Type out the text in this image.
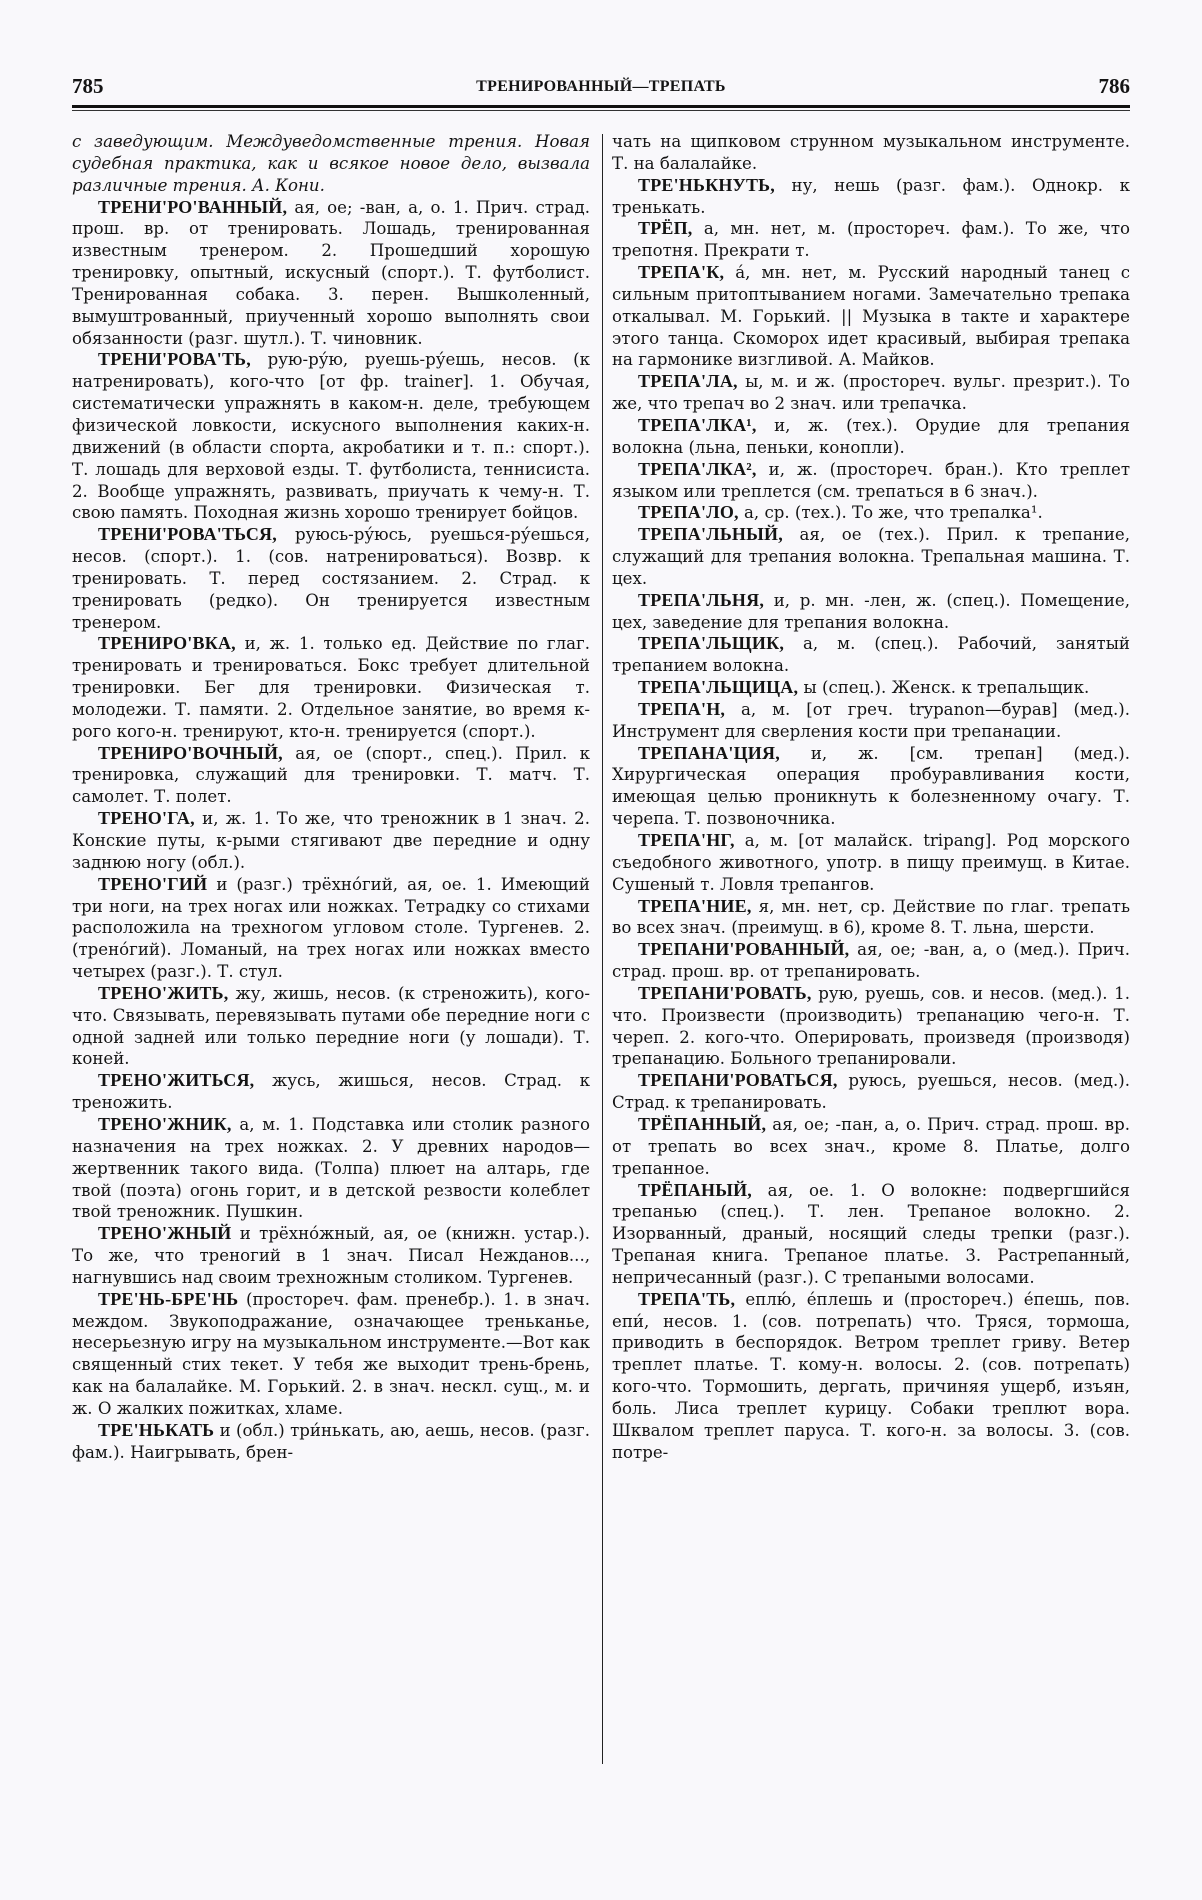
785	ТРЕНИРОВАННЫЙ—ТРЕПАТЬ	786

с заведующим. Междуведомственные трения. Новая судебная практика, как и всякое новое дело, вызвала различные трения. А. Кони.

ТРЕНИ'РО'ВАННЫЙ, ая, ое; -ван, а, о. 1. Прич. страд. прош. вр. от тренировать. Лошадь, тренированная известным тренером. 2. Прошедший хорошую тренировку, опытный, искусный (спорт.). Т. футболист. Тренированная собака. 3. перен. Вышколенный, вымуштрованный, приученный хорошо выполнять свои обязанности (разг. шутл.). Т. чиновник.

ТРЕНИ'РОВА'ТЬ, рую-ру́ю, руешь-ру́ешь, несов. (к натренировать), кого-что [от фр. trainer]. 1. Обучая, систематически упражнять в каком-н. деле, требующем физической ловкости, искусного выполнения каких-н. движений (в области спорта, акробатики и т. п.: спорт.). Т. лошадь для верховой езды. Т. футболиста, теннисиста. 2. Вообще упражнять, развивать, приучать к чему-н. Т. свою память. Походная жизнь хорошо тренирует бойцов.

ТРЕНИ'РОВА'ТЬСЯ, руюсь-ру́юсь, руешься-ру́ешься, несов. (спорт.). 1. (сов. натренироваться). Возвр. к тренировать. Т. перед состязанием. 2. Страд. к тренировать (редко). Он тренируется известным тренером.

ТРЕНИРО'ВКА, и, ж. 1. только ед. Действие по глаг. тренировать и тренироваться. Бокс требует длительной тренировки. Бег для тренировки. Физическая т. молодежи. Т. памяти. 2. Отдельное занятие, во время к-рого кого-н. тренируют, кто-н. тренируется (спорт.).

ТРЕНИРО'ВОЧНЫЙ, ая, ое (спорт., спец.). Прил. к тренировка, служащий для тренировки. Т. матч. Т. самолет. Т. полет.

ТРЕНО'ГА, и, ж. 1. То же, что треножник в 1 знач. 2. Конские путы, к-рыми стягивают две передние и одну заднюю ногу (обл.).

ТРЕНО'ГИЙ и (разг.) трёхно́гий, ая, ое. 1. Имеющий три ноги, на трех ногах или ножках. Тетрадку со стихами расположила на трехногом угловом столе. Тургенев. 2. (трено́гий). Ломаный, на трех ногах или ножках вместо четырех (разг.). Т. стул.

ТРЕНО'ЖИТЬ, жу, жишь, несов. (к стреножить), кого-что. Связывать, перевязывать путами обе передние ноги с одной задней или только передние ноги (у лошади). Т. коней.

ТРЕНО'ЖИТЬСЯ, жусь, жишься, несов. Страд. к треножить.

ТРЕНО'ЖНИК, а, м. 1. Подставка или столик разного назначения на трех ножках. 2. У древних народов—жертвенник такого вида. (Толпа) плюет на алтарь, где твой (поэта) огонь горит, и в детской резвости колеблет твой треножник. Пушкин.

ТРЕНО'ЖНЫЙ и трёхно́жный, ая, ое (книжн. устар.). То же, что треногий в 1 знач. Писал Нежданов..., нагнувшись над своим трехножным столиком. Тургенев.

ТРЕ'НЬ-БРЕ'НЬ (простореч. фам. пренебр.). 1. в знач. междом. Звукоподражание, означающее треньканье, несерьезную игру на музыкальном инструменте.—Вот как священный стих текет. У тебя же выходит трень-брень, как на балалайке. М. Горький. 2. в знач. нескл. сущ., м. и ж. О жалких пожитках, хламе.

ТРЕ'НЬКАТЬ и (обл.) три́нькать, аю, аешь, несов. (разг. фам.). Наигрывать, брен-

чать на щипковом струнном музыкальном инструменте. Т. на балалайке.

ТРЕ'НЬКНУТЬ, ну, нешь (разг. фам.). Однокр. к тренькать.

ТРЁП, а, мн. нет, м. (простореч. фам.). То же, что трепотня. Прекрати т.

ТРЕПА'К, а́, мн. нет, м. Русский народный танец с сильным притоптыванием ногами. Замечательно трепака откалывал. М. Горький. || Музыка в такте и характере этого танца. Скоморох идет красивый, выбирая трепака на гармонике визгливой. А. Майков.

ТРЕПА'ЛА, ы, м. и ж. (простореч. вульг. презрит.). То же, что трепач во 2 знач. или трепачка.

ТРЕПА'ЛКА¹, и, ж. (тех.). Орудие для трепания волокна (льна, пеньки, конопли).

ТРЕПА'ЛКА², и, ж. (простореч. бран.). Кто треплет языком или треплется (см. трепаться в 6 знач.).

ТРЕПА'ЛО, а, ср. (тех.). То же, что трепалка¹.

ТРЕПА'ЛЬНЫЙ, ая, ое (тех.). Прил. к трепание, служащий для трепания волокна. Трепальная машина. Т. цех.

ТРЕПА'ЛЬНЯ, и, р. мн. -лен, ж. (спец.). Помещение, цех, заведение для трепания волокна.

ТРЕПА'ЛЬЩИК, а, м. (спец.). Рабочий, занятый трепанием волокна.

ТРЕПА'ЛЬЩИЦА, ы (спец.). Женск. к трепальщик.

ТРЕПА'Н, а, м. [от греч. trypanon—бурав] (мед.). Инструмент для сверления кости при трепанации.

ТРЕПАНА'ЦИЯ, и, ж. [см. трепан] (мед.). Хирургическая операция пробуравливания кости, имеющая целью проникнуть к болезненному очагу. Т. черепа. Т. позвоночника.

ТРЕПА'НГ, а, м. [от малайск. tripang]. Род морского съедобного животного, употр. в пищу преимущ. в Китае. Сушеный т. Ловля трепангов.

ТРЕПА'НИЕ, я, мн. нет, ср. Действие по глаг. трепать во всех знач. (преимущ. в 6), кроме 8. Т. льна, шерсти.

ТРЕПАНИ'РОВАННЫЙ, ая, ое; -ван, а, о (мед.). Прич. страд. прош. вр. от трепанировать.

ТРЕПАНИ'РОВАТЬ, рую, руешь, сов. и несов. (мед.). 1. что. Произвести (производить) трепанацию чего-н. Т. череп. 2. кого-что. Оперировать, произведя (производя) трепанацию. Больного трепанировали.

ТРЕПАНИ'РОВАТЬСЯ, руюсь, руешься, несов. (мед.). Страд. к трепанировать.

ТРЁПАННЫЙ, ая, ое; -пан, а, о. Прич. страд. прош. вр. от трепать во всех знач., кроме 8. Платье, долго трепанное.

ТРЁПАНЫЙ, ая, ое. 1. О волокне: подвергшийся трепанью (спец.). Т. лен. Трепаное волокно. 2. Изорванный, драный, носящий следы трепки (разг.). Трепаная книга. Трепаное платье. 3. Растрепанный, непричесанный (разг.). С трепаными волосами.

ТРЕПА'ТЬ, еплю́, е́плешь и (простореч.) е́пешь, пов. епи́, несов. 1. (сов. потрепать) что. Тряся, тормоша, приводить в беспорядок. Ветром треплет гриву. Ветер треплет платье. Т. кому-н. волосы. 2. (сов. потрепать) кого-что. Тормошить, дергать, причиняя ущерб, изъян, боль. Лиса треплет курицу. Собаки треплют вора. Шквалом треплет паруса. Т. кого-н. за волосы. 3. (сов. потре-
